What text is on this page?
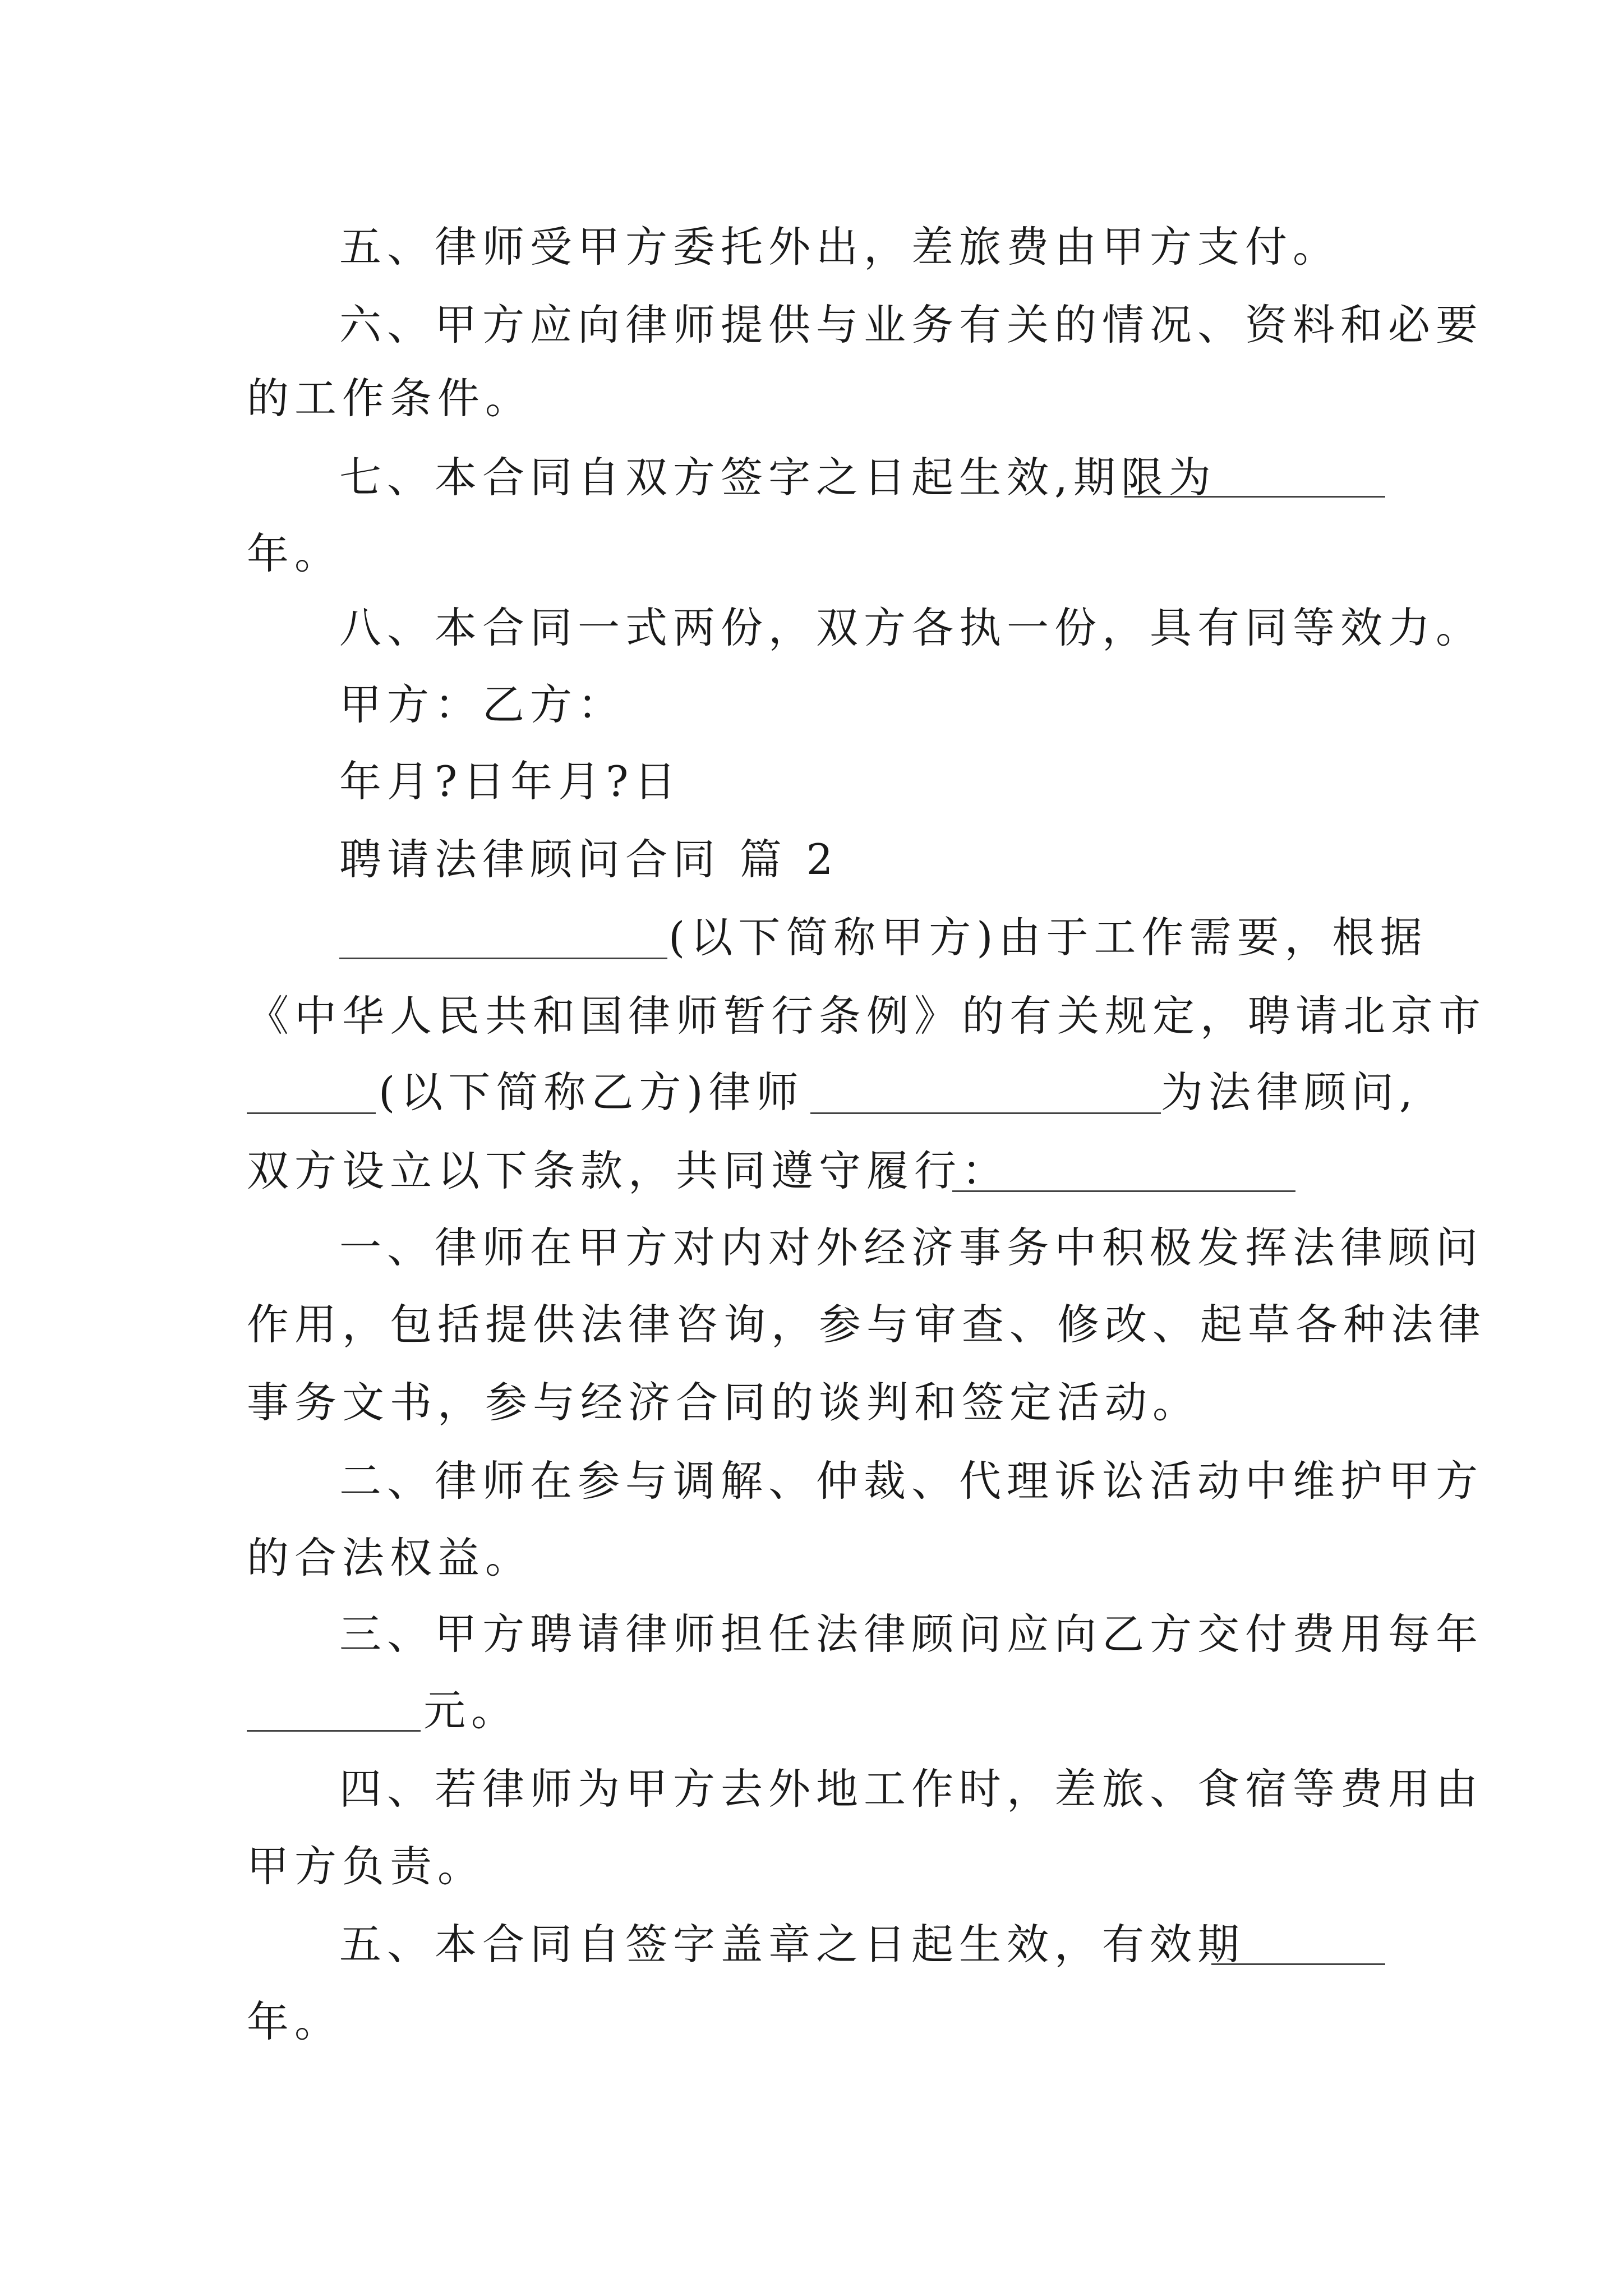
五、律师受甲方委托外出，差旅费由甲方支付。
六、甲方应向律师提供与业务有关的情况、资料和必要
的工作条件。
七、本合同自双方签字之日起生效,期限为
年。
八、本合同一式两份，双方各执一份，具有同等效力。
甲方：乙方：
年月?日年月?日
聘请法律顾问合同 篇 2
(以下简称甲方)由于工作需要，根据
《中华人民共和国律师暂行条例》的有关规定，聘请北京市
(以下简称乙方)律师	为法律顾问,
双方设立以下条款，共同遵守履行：
一、律师在甲方对内对外经济事务中积极发挥法律顾问
作用，包括提供法律咨询，参与审查、修改、起草各种法律
事务文书，参与经济合同的谈判和签定活动。
二、律师在参与调解、仲裁、代理诉讼活动中维护甲方
的合法权益。
三、甲方聘请律师担任法律顾问应向乙方交付费用每年
元。
四、若律师为甲方去外地工作时，差旅、食宿等费用由
甲方负责。
五、本合同自签字盖章之日起生效，有效期
年。
